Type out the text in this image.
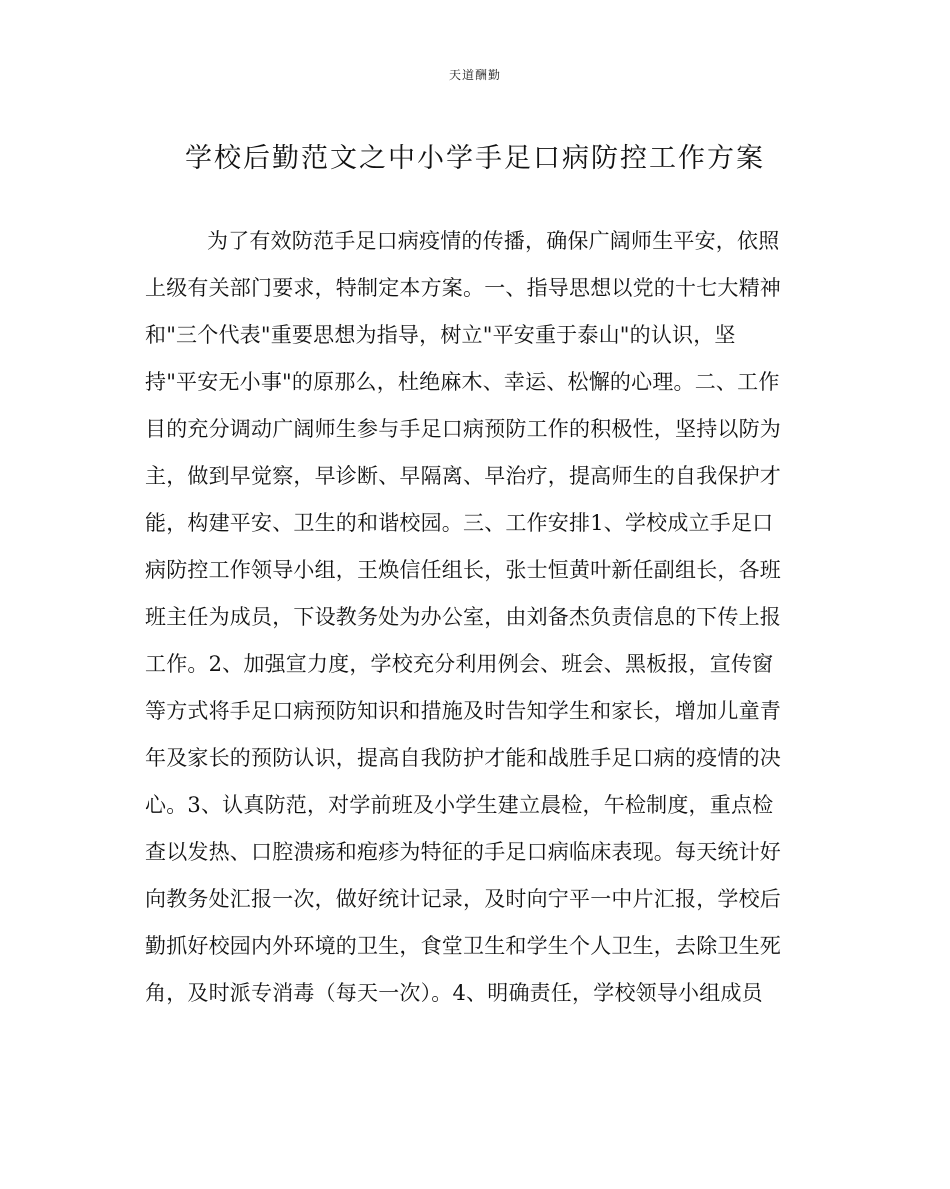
天道酬勤
学校后勤范文之中小学手足口病防控工作方案
为了有效防范手足口病疫情的传播，确保广阔师生平安，依照
上级有关部门要求，特制定本方案。一、指导思想以党的十七大精神
和"三个代表"重要思想为指导，树立"平安重于泰山"的认识，坚
持"平安无小事"的原那么，杜绝麻木、幸运、松懈的心理。二、工作
目的充分调动广阔师生参与手足口病预防工作的积极性，坚持以防为
主，做到早觉察，早诊断、早隔离、早治疗，提高师生的自我保护才
能，构建平安、卫生的和谐校园。三、工作安排1、学校成立手足口
病防控工作领导小组，王焕信任组长，张士恒黄叶新任副组长，各班
班主任为成员，下设教务处为办公室，由刘备杰负责信息的下传上报
工作。2、加强宣力度，学校充分利用例会、班会、黑板报，宣传窗
等方式将手足口病预防知识和措施及时告知学生和家长，增加儿童青
年及家长的预防认识，提高自我防护才能和战胜手足口病的疫情的决
心。3、认真防范，对学前班及小学生建立晨检，午检制度，重点检
查以发热、口腔溃疡和疱疹为特征的手足口病临床表现。每天统计好
向教务处汇报一次，做好统计记录，及时向宁平一中片汇报，学校后
勤抓好校园内外环境的卫生，食堂卫生和学生个人卫生，去除卫生死
角，及时派专消毒（每天一次）。4、明确责任，学校领导小组成员
